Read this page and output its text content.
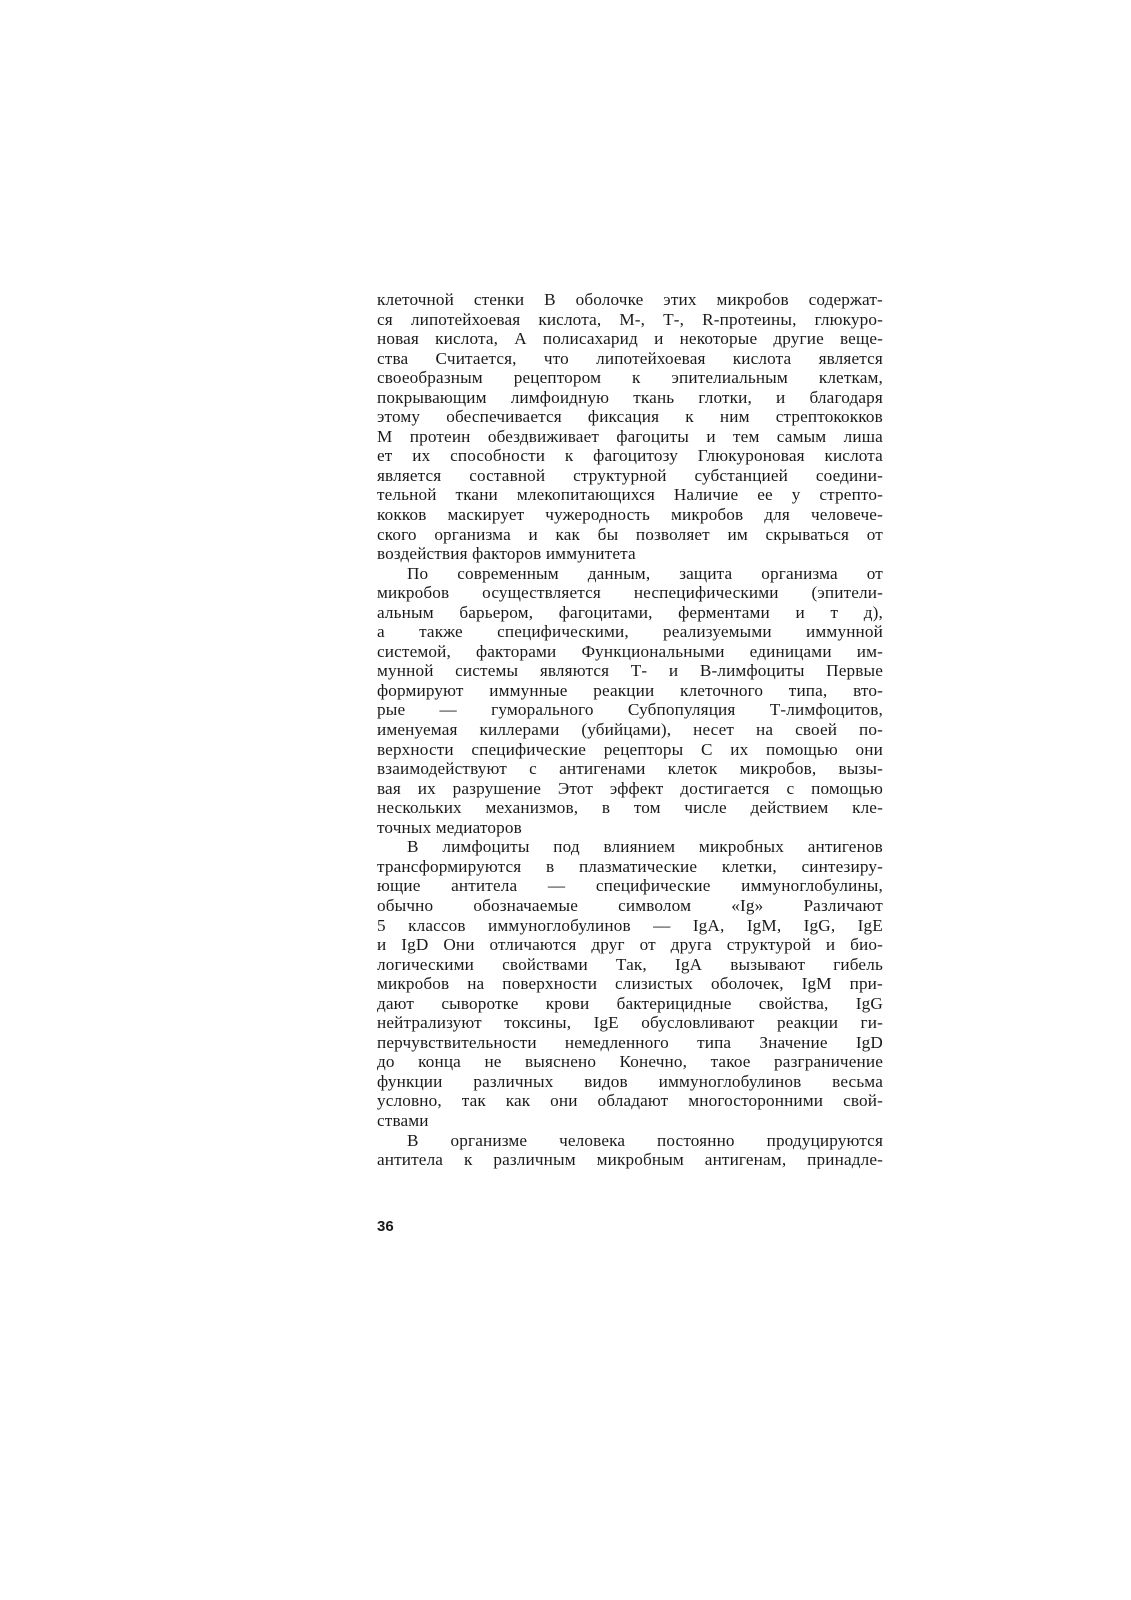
клеточной стенки В оболочке этих микробов содержат-
ся липотейхоевая кислота, М-, Т-, R-протеины, глюкуро-
новая кислота, А полисахарид и некоторые другие веще-
ства Считается, что липотейхоевая кислота является
своеобразным рецептором к эпителиальным клеткам,
покрывающим лимфоидную ткань глотки, и благодаря
этому обеспечивается фиксация к ним стрептококков
М протеин обездвиживает фагоциты и тем самым лиша
ет их способности к фагоцитозу Глюкуроновая кислота
является составной структурной субстанцией соедини-
тельной ткани млекопитающихся Наличие ее у стрепто-
кокков маскирует чужеродность микробов для человече-
ского организма и как бы позволяет им скрываться от
воздействия факторов иммунитета
По современным данным, защита организма от
микробов осуществляется неспецифическими (эпители-
альным барьером, фагоцитами, ферментами и т д),
а также специфическими, реализуемыми иммунной
системой, факторами Функциональными единицами им-
мунной системы являются Т- и В-лимфоциты Первые
формируют иммунные реакции клеточного типа, вто-
рые — гуморального Субпопуляция Т-лимфоцитов,
именуемая киллерами (убийцами), несет на своей по-
верхности специфические рецепторы С их помощью они
взаимодействуют с антигенами клеток микробов, вызы-
вая их разрушение Этот эффект достигается с помощью
нескольких механизмов, в том числе действием кле-
точных медиаторов
В лимфоциты под влиянием микробных антигенов
трансформируются в плазматические клетки, синтезиру-
ющие антитела — специфические иммуноглобулины,
обычно обозначаемые символом «Ig» Различают
5 классов иммуноглобулинов — IgA, IgM, IgG, IgE
и IgD Они отличаются друг от друга структурой и био-
логическими свойствами Так, IgA вызывают гибель
микробов на поверхности слизистых оболочек, IgM при-
дают сыворотке крови бактерицидные свойства, IgG
нейтрализуют токсины, IgE обусловливают реакции ги-
перчувствительности немедленного типа Значение IgD
до конца не выяснено Конечно, такое разграничение
функции различных видов иммуноглобулинов весьма
условно, так как они обладают многосторонними свой-
ствами
В организме человека постоянно продуцируются
антитела к различным микробным антигенам, принадле-
36
